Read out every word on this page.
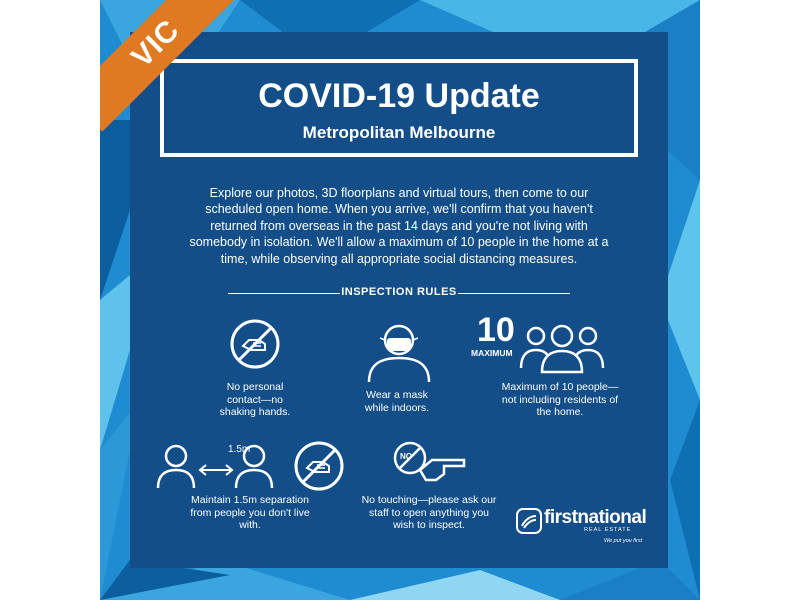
VIC
COVID-19 Update
Metropolitan Melbourne
Explore our photos, 3D floorplans and virtual tours, then come to our scheduled open home. When you arrive, we'll confirm that you haven't returned from overseas in the past 14 days and you're not living with somebody in isolation. We'll allow a maximum of 10 people in the home at a time, while observing all appropriate social distancing measures.
INSPECTION RULES
No personal contact—no shaking hands.
Wear a mask while indoors.
10
MAXIMUM
Maximum of 10 people—not including residents of the home.
1.5m
Maintain 1.5m separation from people you don't live with.
NO
No touching—please ask our staff to open anything you wish to inspect.	firstnational
REAL ESTATE
We put you first
